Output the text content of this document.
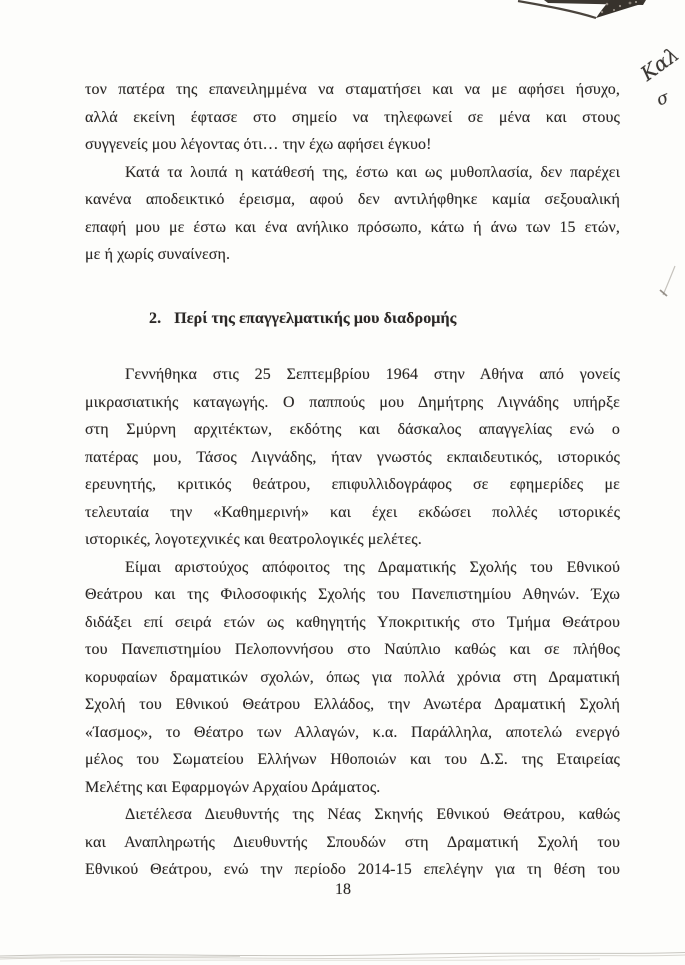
Καλ
σ
τον πατέρα της επανειλημμένα να σταματήσει και να με αφήσει ήσυχο,
αλλά εκείνη έφτασε στο σημείο να τηλεφωνεί σε μένα και στους
συγγενείς μου λέγοντας ότι… την έχω αφήσει έγκυο!
Κατά τα λοιπά η κατάθεσή της, έστω και ως μυθοπλασία, δεν παρέχει
κανένα αποδεικτικό έρεισμα, αφού δεν αντιλήφθηκε καμία σεξουαλική
επαφή μου με έστω και ένα ανήλικο πρόσωπο, κάτω ή άνω των 15 ετών,
με ή χωρίς συναίνεση.
2. Περί της επαγγελματικής μου διαδρομής
Γεννήθηκα στις 25 Σεπτεμβρίου 1964 στην Αθήνα από γονείς
μικρασιατικής καταγωγής. Ο παππούς μου Δημήτρης Λιγνάδης υπήρξε
στη Σμύρνη αρχιτέκτων, εκδότης και δάσκαλος απαγγελίας ενώ ο
πατέρας μου, Τάσος Λιγνάδης, ήταν γνωστός εκπαιδευτικός, ιστορικός
ερευνητής, κριτικός θεάτρου, επιφυλλιδογράφος σε εφημερίδες με
τελευταία την «Καθημερινή» και έχει εκδώσει πολλές ιστορικές
ιστορικές, λογοτεχνικές και θεατρολογικές μελέτες.
Είμαι αριστούχος απόφοιτος της Δραματικής Σχολής του Εθνικού
Θεάτρου και της Φιλοσοφικής Σχολής του Πανεπιστημίου Αθηνών. Έχω
διδάξει επί σειρά ετών ως καθηγητής Υποκριτικής στο Τμήμα Θεάτρου
του Πανεπιστημίου Πελοποννήσου στο Ναύπλιο καθώς και σε πλήθος
κορυφαίων δραματικών σχολών, όπως για πολλά χρόνια στη Δραματική
Σχολή του Εθνικού Θεάτρου Ελλάδος, την Ανωτέρα Δραματική Σχολή
«Ίασμος», το Θέατρο των Αλλαγών, κ.α. Παράλληλα, αποτελώ ενεργό
μέλος του Σωματείου Ελλήνων Ηθοποιών και του Δ.Σ. της Εταιρείας
Μελέτης και Εφαρμογών Αρχαίου Δράματος.
Διετέλεσα Διευθυντής της Νέας Σκηνής Εθνικού Θεάτρου, καθώς
και Αναπληρωτής Διευθυντής Σπουδών στη Δραματική Σχολή του
Εθνικού Θεάτρου, ενώ την περίοδο 2014-15 επελέγην για τη θέση του
18
